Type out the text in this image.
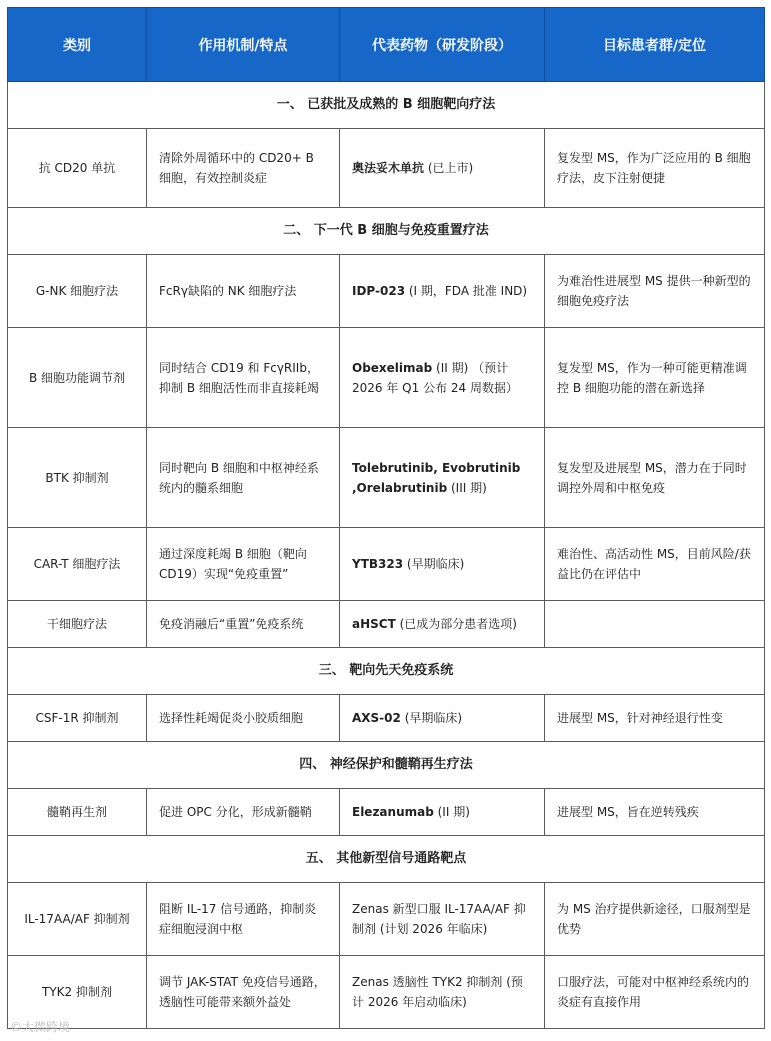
类别	作用机制/特点	代表药物（研发阶段）	目标患者群/定位
一、 已获批及成熟的 B 细胞靶向疗法			
抗 CD20 单抗	清除外周循环中的 CD20+ B 细胞，有效控制炎症	奥法妥木单抗 (已上市)	复发型 MS，作为广泛应用的 B 细胞疗法，皮下注射便捷
二、 下一代 B 细胞与免疫重置疗法			
G-NK 细胞疗法	FcRγ缺陷的 NK 细胞疗法	IDP-023 (I 期，FDA 批准 IND)	为难治性进展型 MS 提供一种新型的细胞免疫疗法
B 细胞功能调节剂	同时结合 CD19 和 FcγRIIb，抑制 B 细胞活性而非直接耗竭	Obexelimab (II 期) （预计 2026 年 Q1 公布 24 周数据）	复发型 MS，作为一种可能更精准调控 B 细胞功能的潜在新选择
BTK 抑制剂	同时靶向 B 细胞和中枢神经系统内的髓系细胞	Tolebrutinib, Evobrutinib ,Orelabrutinib (III 期)	复发型及进展型 MS，潜力在于同时调控外周和中枢免疫
CAR-T 细胞疗法	通过深度耗竭 B 细胞（靶向 CD19）实现“免疫重置”	YTB323 (早期临床)	难治性、高活动性 MS，目前风险/获益比仍在评估中
干细胞疗法	免疫消融后“重置”免疫系统	aHSCT (已成为部分患者选项)	
三、 靶向先天免疫系统			
CSF-1R 抑制剂	选择性耗竭促炎小胶质细胞	AXS-02 (早期临床)	进展型 MS，针对神经退行性变
四、 神经保护和髓鞘再生疗法			
髓鞘再生剂	促进 OPC 分化，形成新髓鞘	Elezanumab (II 期)	进展型 MS，旨在逆转残疾
五、 其他新型信号通路靶点			
IL-17AA/AF 抑制剂	阻断 IL-17 信号通路，抑制炎症细胞浸润中枢	Zenas 新型口服 IL-17AA/AF 抑制剂 (计划 2026 年临床)	为 MS 治疗提供新途径，口服剂型是优势
TYK2 抑制剂	调节 JAK-STAT 免疫信号通路，透脑性可能带来额外益处	Zenas 透脑性 TYK2 抑制剂 (预计 2026 年启动临床)	口服疗法，可能对中枢神经系统内的炎症有直接作用
©大微跨境
